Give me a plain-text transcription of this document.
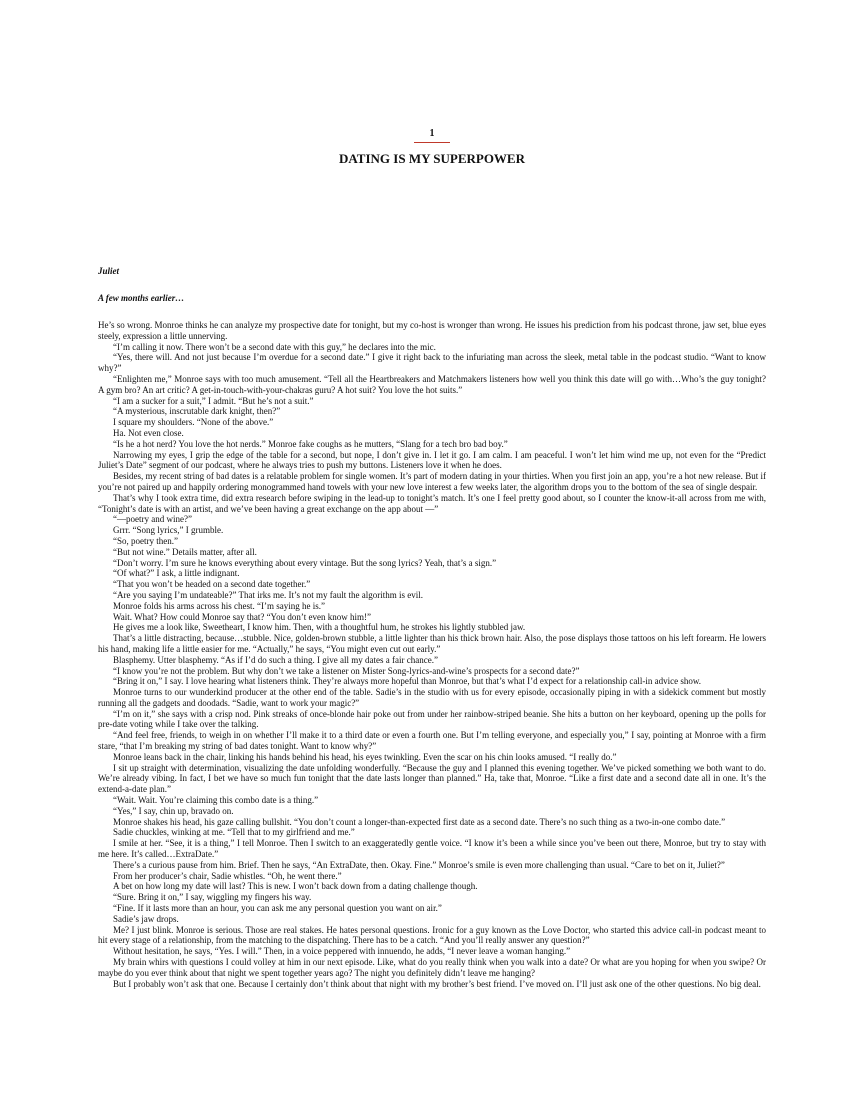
1
DATING IS MY SUPERPOWER
Juliet
A few months earlier…

He’s so wrong. Monroe thinks he can analyze my prospective date for tonight, but my co-host is wronger than wrong. He issues his prediction from his podcast throne, jaw set, blue eyes steely, expression a little unnerving.

“I’m calling it now. There won’t be a second date with this guy,” he declares into the mic.

“Yes, there will. And not just because I’m overdue for a second date.” I give it right back to the infuriating man across the sleek, metal table in the podcast studio. “Want to know why?”

“Enlighten me,” Monroe says with too much amusement. “Tell all the Heartbreakers and Matchmakers listeners how well you think this date will go with…Who’s the guy tonight? A gym bro? An art critic? A get-in-touch-with-your-chakras guru? A hot suit? You love the hot suits.”

“I am a sucker for a suit,” I admit. “But he’s not a suit.”

“A mysterious, inscrutable dark knight, then?”

I square my shoulders. “None of the above.”

Ha. Not even close.

“Is he a hot nerd? You love the hot nerds.” Monroe fake coughs as he mutters, “Slang for a tech bro bad boy.”

Narrowing my eyes, I grip the edge of the table for a second, but nope, I don’t give in. I let it go. I am calm. I am peaceful. I won’t let him wind me up, not even for the “Predict Juliet’s Date” segment of our podcast, where he always tries to push my buttons. Listeners love it when he does.

Besides, my recent string of bad dates is a relatable problem for single women. It’s part of modern dating in your thirties. When you first join an app, you’re a hot new release. But if you’re not paired up and happily ordering monogrammed hand towels with your new love interest a few weeks later, the algorithm drops you to the bottom of the sea of single despair.

That’s why I took extra time, did extra research before swiping in the lead-up to tonight’s match. It’s one I feel pretty good about, so I counter the know-it-all across from me with, “Tonight’s date is with an artist, and we’ve been having a great exchange on the app about —”

“—poetry and wine?”

Grrr. “Song lyrics,” I grumble.

“So, poetry then.”

“But not wine.” Details matter, after all.

“Don’t worry. I’m sure he knows everything about every vintage. But the song lyrics? Yeah, that’s a sign.”

“Of what?” I ask, a little indignant.

“That you won’t be headed on a second date together.”

“Are you saying I’m undateable?” That irks me. It’s not my fault the algorithm is evil.

Monroe folds his arms across his chest. “I’m saying he is.”

Wait. What? How could Monroe say that? “You don’t even know him!”

He gives me a look like, Sweetheart, I know him. Then, with a thoughtful hum, he strokes his lightly stubbled jaw.

That’s a little distracting, because…stubble. Nice, golden-brown stubble, a little lighter than his thick brown hair. Also, the pose displays those tattoos on his left forearm. He lowers his hand, making life a little easier for me. “Actually,” he says, “You might even cut out early.”

Blasphemy. Utter blasphemy. “As if I’d do such a thing. I give all my dates a fair chance.”

“I know you’re not the problem. But why don’t we take a listener on Mister Song-lyrics-and-wine’s prospects for a second date?”

“Bring it on,” I say. I love hearing what listeners think. They’re always more hopeful than Monroe, but that’s what I’d expect for a relationship call-in advice show.

Monroe turns to our wunderkind producer at the other end of the table. Sadie’s in the studio with us for every episode, occasionally piping in with a sidekick comment but mostly running all the gadgets and doodads. “Sadie, want to work your magic?”

“I’m on it,” she says with a crisp nod. Pink streaks of once-blonde hair poke out from under her rainbow-striped beanie. She hits a button on her keyboard, opening up the polls for pre-date voting while I take over the talking.

“And feel free, friends, to weigh in on whether I’ll make it to a third date or even a fourth one. But I’m telling everyone, and especially you,” I say, pointing at Monroe with a firm stare, “that I’m breaking my string of bad dates tonight. Want to know why?”

Monroe leans back in the chair, linking his hands behind his head, his eyes twinkling. Even the scar on his chin looks amused. “I really do.”

I sit up straight with determination, visualizing the date unfolding wonderfully. “Because the guy and I planned this evening together. We’ve picked something we both want to do. We’re already vibing. In fact, I bet we have so much fun tonight that the date lasts longer than planned.” Ha, take that, Monroe. “Like a first date and a second date all in one. It’s the extend-a-date plan.”

“Wait. Wait. You’re claiming this combo date is a thing.”

“Yes,” I say, chin up, bravado on.

Monroe shakes his head, his gaze calling bullshit. “You don’t count a longer-than-expected first date as a second date. There’s no such thing as a two-in-one combo date.”

Sadie chuckles, winking at me. “Tell that to my girlfriend and me.”

I smile at her. “See, it is a thing,” I tell Monroe. Then I switch to an exaggeratedly gentle voice. “I know it’s been a while since you’ve been out there, Monroe, but try to stay with me here. It’s called…ExtraDate.”

There’s a curious pause from him. Brief. Then he says, “An ExtraDate, then. Okay. Fine.” Monroe’s smile is even more challenging than usual. “Care to bet on it, Juliet?”

From her producer’s chair, Sadie whistles. “Oh, he went there.”

A bet on how long my date will last? This is new. I won’t back down from a dating challenge though.

“Sure. Bring it on,” I say, wiggling my fingers his way.

“Fine. If it lasts more than an hour, you can ask me any personal question you want on air.”

Sadie’s jaw drops.

Me? I just blink. Monroe is serious. Those are real stakes. He hates personal questions. Ironic for a guy known as the Love Doctor, who started this advice call-in podcast meant to hit every stage of a relationship, from the matching to the dispatching. There has to be a catch. “And you’ll really answer any question?”

Without hesitation, he says, “Yes. I will.” Then, in a voice peppered with innuendo, he adds, “I never leave a woman hanging.”

My brain whirs with questions I could volley at him in our next episode. Like, what do you really think when you walk into a date? Or what are you hoping for when you swipe? Or maybe do you ever think about that night we spent together years ago? The night you definitely didn’t leave me hanging?

But I probably won’t ask that one. Because I certainly don’t think about that night with my brother’s best friend. I’ve moved on. I’ll just ask one of the other questions. No big deal.
